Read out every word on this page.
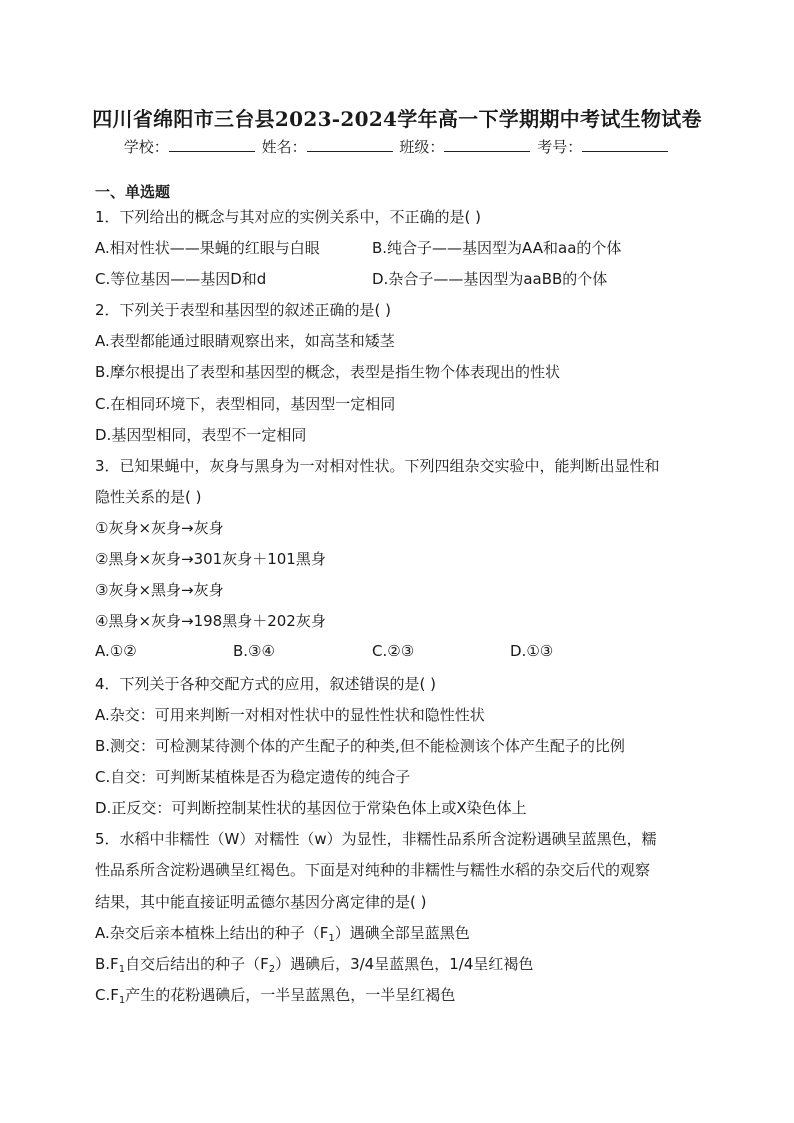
四川省绵阳市三台县2023-2024学年高一下学期期中考试生物试卷
学校：	姓名：	班级：	考号：
一、单选题
1．下列给出的概念与其对应的实例关系中，不正确的是( )
A.相对性状——果蝇的红眼与白眼	B.纯合子——基因型为AA和aa的个体
C.等位基因——基因D和d	D.杂合子——基因型为aaBB的个体
2．下列关于表型和基因型的叙述正确的是( )
A.表型都能通过眼睛观察出来，如高茎和矮茎
B.摩尔根提出了表型和基因型的概念，表型是指生物个体表现出的性状
C.在相同环境下，表型相同，基因型一定相同
D.基因型相同，表型不一定相同
3．已知果蝇中，灰身与黑身为一对相对性状。下列四组杂交实验中，能判断出显性和
隐性关系的是( )
①灰身×灰身→灰身
②黑身×灰身→301灰身＋101黑身
③灰身×黑身→灰身
④黑身×灰身→198黑身＋202灰身
A.①②	B.③④	C.②③	D.①③
4．下列关于各种交配方式的应用，叙述错误的是( )
A.杂交：可用来判断一对相对性状中的显性性状和隐性性状
B.测交：可检测某待测个体的产生配子的种类,但不能检测该个体产生配子的比例
C.自交：可判断某植株是否为稳定遗传的纯合子
D.正反交：可判断控制某性状的基因位于常染色体上或X染色体上
5．水稻中非糯性（W）对糯性（w）为显性，非糯性品系所含淀粉遇碘呈蓝黑色，糯
性品系所含淀粉遇碘呈红褐色。下面是对纯种的非糯性与糯性水稻的杂交后代的观察
结果，其中能直接证明孟德尔基因分离定律的是( )
A.杂交后亲本植株上结出的种子$(F_1)$遇碘全部呈蓝黑色
$B.F_1$自交后结出的种子$(F_2)$遇碘后，3/4呈蓝黑色，1/4呈红褐色
$C.F_1$产生的花粉遇碘后，一半呈蓝黑色，一半呈红褐色
